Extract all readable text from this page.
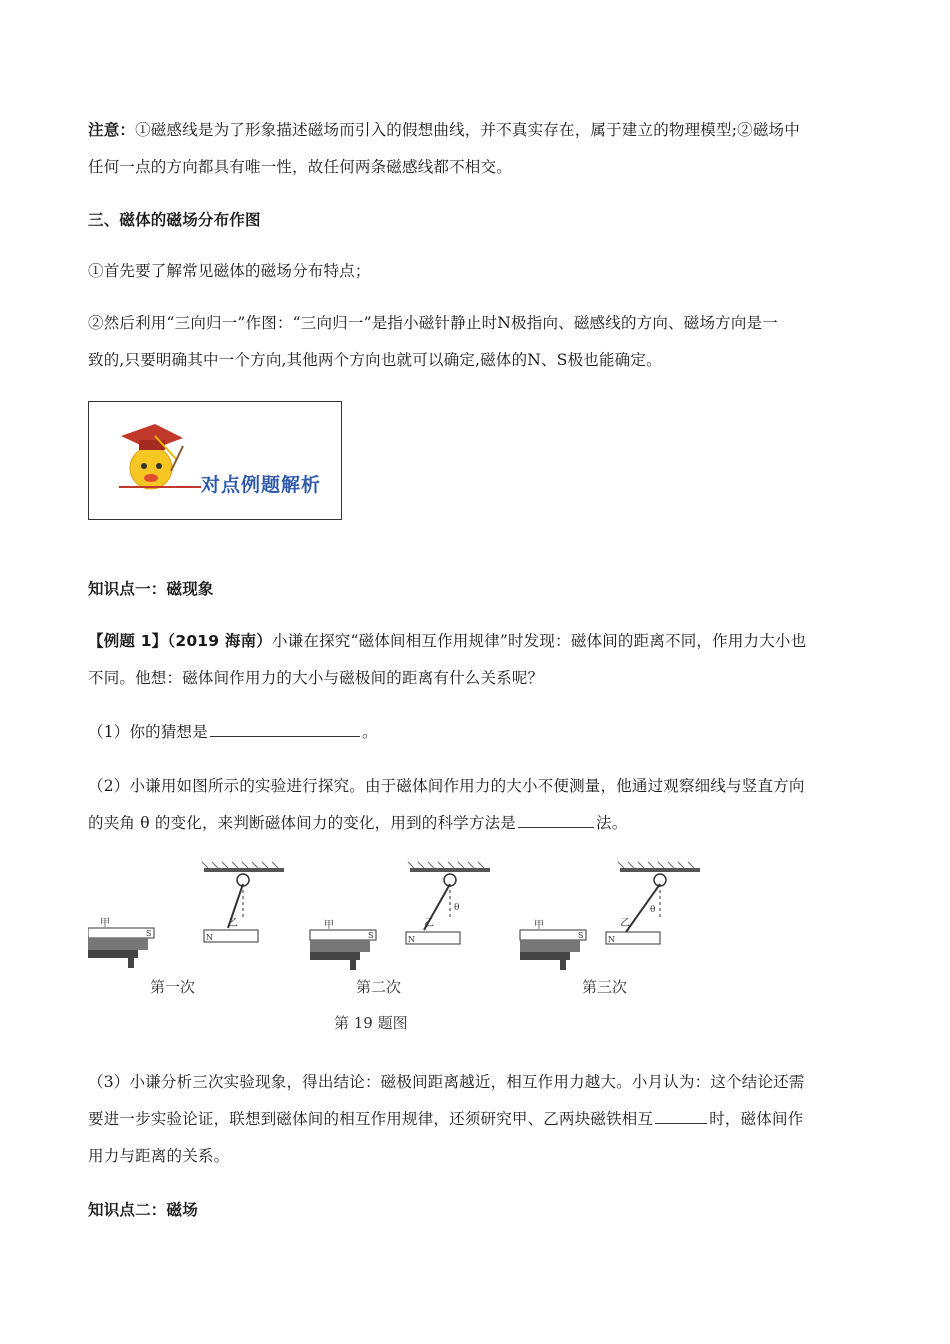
注意：①磁感线是为了形象描述磁场而引入的假想曲线，并不真实存在，属于建立的物理模型;②磁场中
任何一点的方向都具有唯一性，故任何两条磁感线都不相交。
三、磁体的磁场分布作图
①首先要了解常见磁体的磁场分布特点；
②然后利用“三向归一”作图：“三向归一”是指小磁针静止时N极指向、磁感线的方向、磁场方向是一
致的,只要明确其中一个方向,其他两个方向也就可以确定,磁体的N、S极也能确定。
对点例题解析
知识点一：磁现象
【例题 1】（2019 海南）小谦在探究“磁体间相互作用规律”时发现：磁体间的距离不同，作用力大小也
不同。他想：磁体间作用力的大小与磁极间的距离有什么关系呢？
（1）你的猜想是	。
（2）小谦用如图所示的实验进行探究。由于磁体间作用力的大小不便测量，他通过观察细线与竖直方向
的夹角 θ 的变化，来判断磁体间力的变化，用到的科学方法是	法。
甲	乙
S	N
第一次
甲	乙
θ
S	N
第二次
甲	乙
θ
S	N
第三次
第 19 题图
（3）小谦分析三次实验现象，得出结论：磁极间距离越近，相互作用力越大。小月认为：这个结论还需
要进一步实验论证，联想到磁体间的相互作用规律，还须研究甲、乙两块磁铁相互	时，磁体间作
用力与距离的关系。
知识点二：磁场
